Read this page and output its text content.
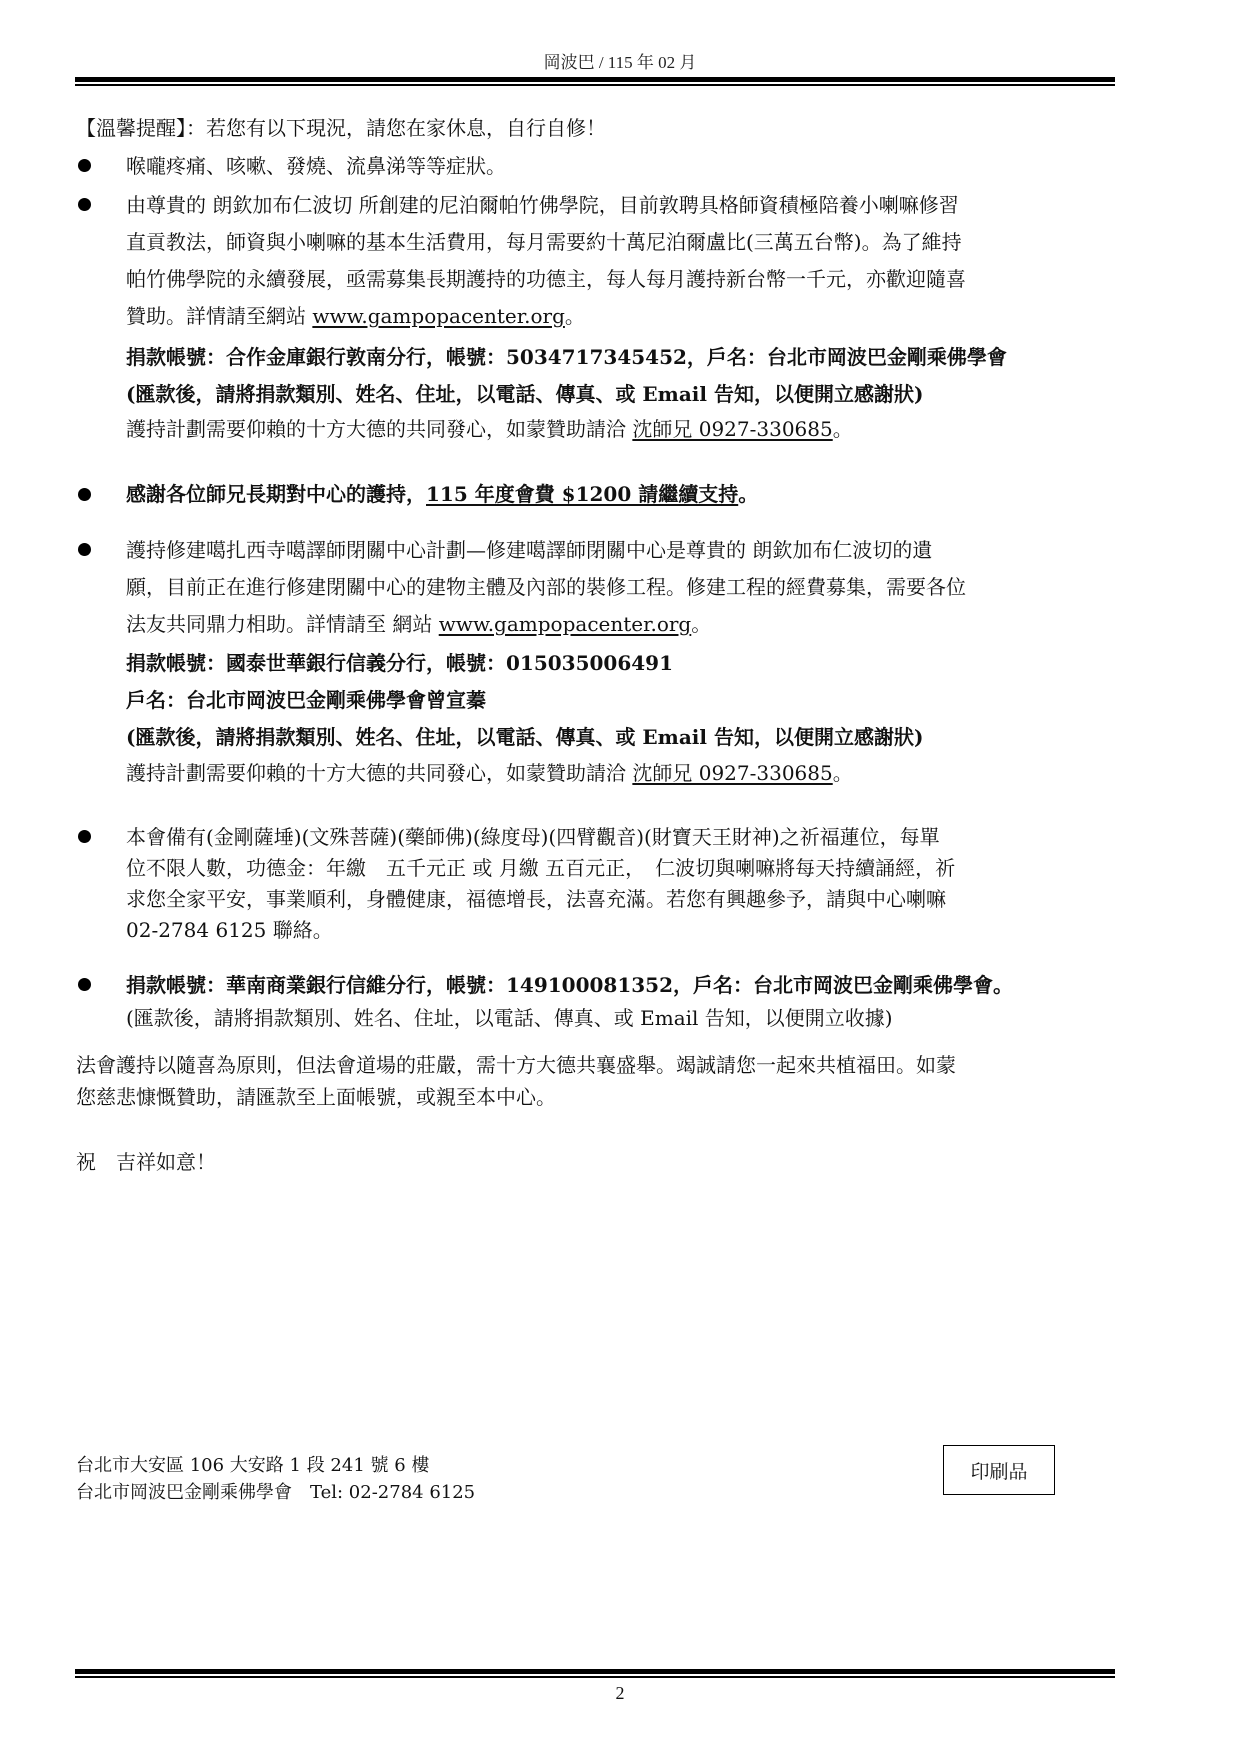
岡波巴 / 115 年 02 月
【溫馨提醒】：若您有以下現況，請您在家休息，自行自修！
喉嚨疼痛、咳嗽、發燒、流鼻涕等等症狀。
由尊貴的 朗欽加布仁波切 所創建的尼泊爾帕竹佛學院，目前敦聘具格師資積極陪養小喇嘛修習
直貢教法，師資與小喇嘛的基本生活費用，每月需要約十萬尼泊爾盧比(三萬五台幣)。為了維持
帕竹佛學院的永續發展，亟需募集長期護持的功德主，每人每月護持新台幣一千元，亦歡迎隨喜
贊助。詳情請至網站 www.gampopacenter.org。
捐款帳號：合作金庫銀行敦南分行，帳號：5034717345452，戶名：台北市岡波巴金剛乘佛學會
(匯款後，請將捐款類別、姓名、住址，以電話、傳真、或 Email 告知，以便開立感謝狀)
護持計劃需要仰賴的十方大德的共同發心，如蒙贊助請洽 沈師兄 0927-330685。
感謝各位師兄長期對中心的護持，115 年度會費 $1200 請繼續支持。
護持修建噶扎西寺噶譯師閉關中心計劃—修建噶譯師閉關中心是尊貴的 朗欽加布仁波切的遺
願，目前正在進行修建閉關中心的建物主體及內部的裝修工程。修建工程的經費募集，需要各位
法友共同鼎力相助。詳情請至 網站 www.gampopacenter.org。
捐款帳號：國泰世華銀行信義分行，帳號：015035006491
戶名：台北市岡波巴金剛乘佛學會曾宣蓁
(匯款後，請將捐款類別、姓名、住址，以電話、傳真、或 Email 告知，以便開立感謝狀)
護持計劃需要仰賴的十方大德的共同發心，如蒙贊助請洽 沈師兄 0927-330685。
本會備有(金剛薩埵)(文殊菩薩)(藥師佛)(綠度母)(四臂觀音)(財寶天王財神)之祈福蓮位，每單
位不限人數，功德金：年繳　五千元正 或 月繳 五百元正，　仁波切與喇嘛將每天持續誦經，祈
求您全家平安，事業順利，身體健康，福德增長，法喜充滿。若您有興趣參予，請與中心喇嘛
02-2784 6125 聯絡。
捐款帳號：華南商業銀行信維分行，帳號：149100081352，戶名：台北市岡波巴金剛乘佛學會。
(匯款後，請將捐款類別、姓名、住址，以電話、傳真、或 Email 告知，以便開立收據)
法會護持以隨喜為原則，但法會道場的莊嚴，需十方大德共襄盛舉。竭誠請您一起來共植福田。如蒙
您慈悲慷慨贊助，請匯款至上面帳號，或親至本中心。
祝　吉祥如意！
台北市大安區 106 大安路 1 段 241 號 6 樓
台北市岡波巴金剛乘佛學會　Tel: 02-2784 6125
印刷品
2
